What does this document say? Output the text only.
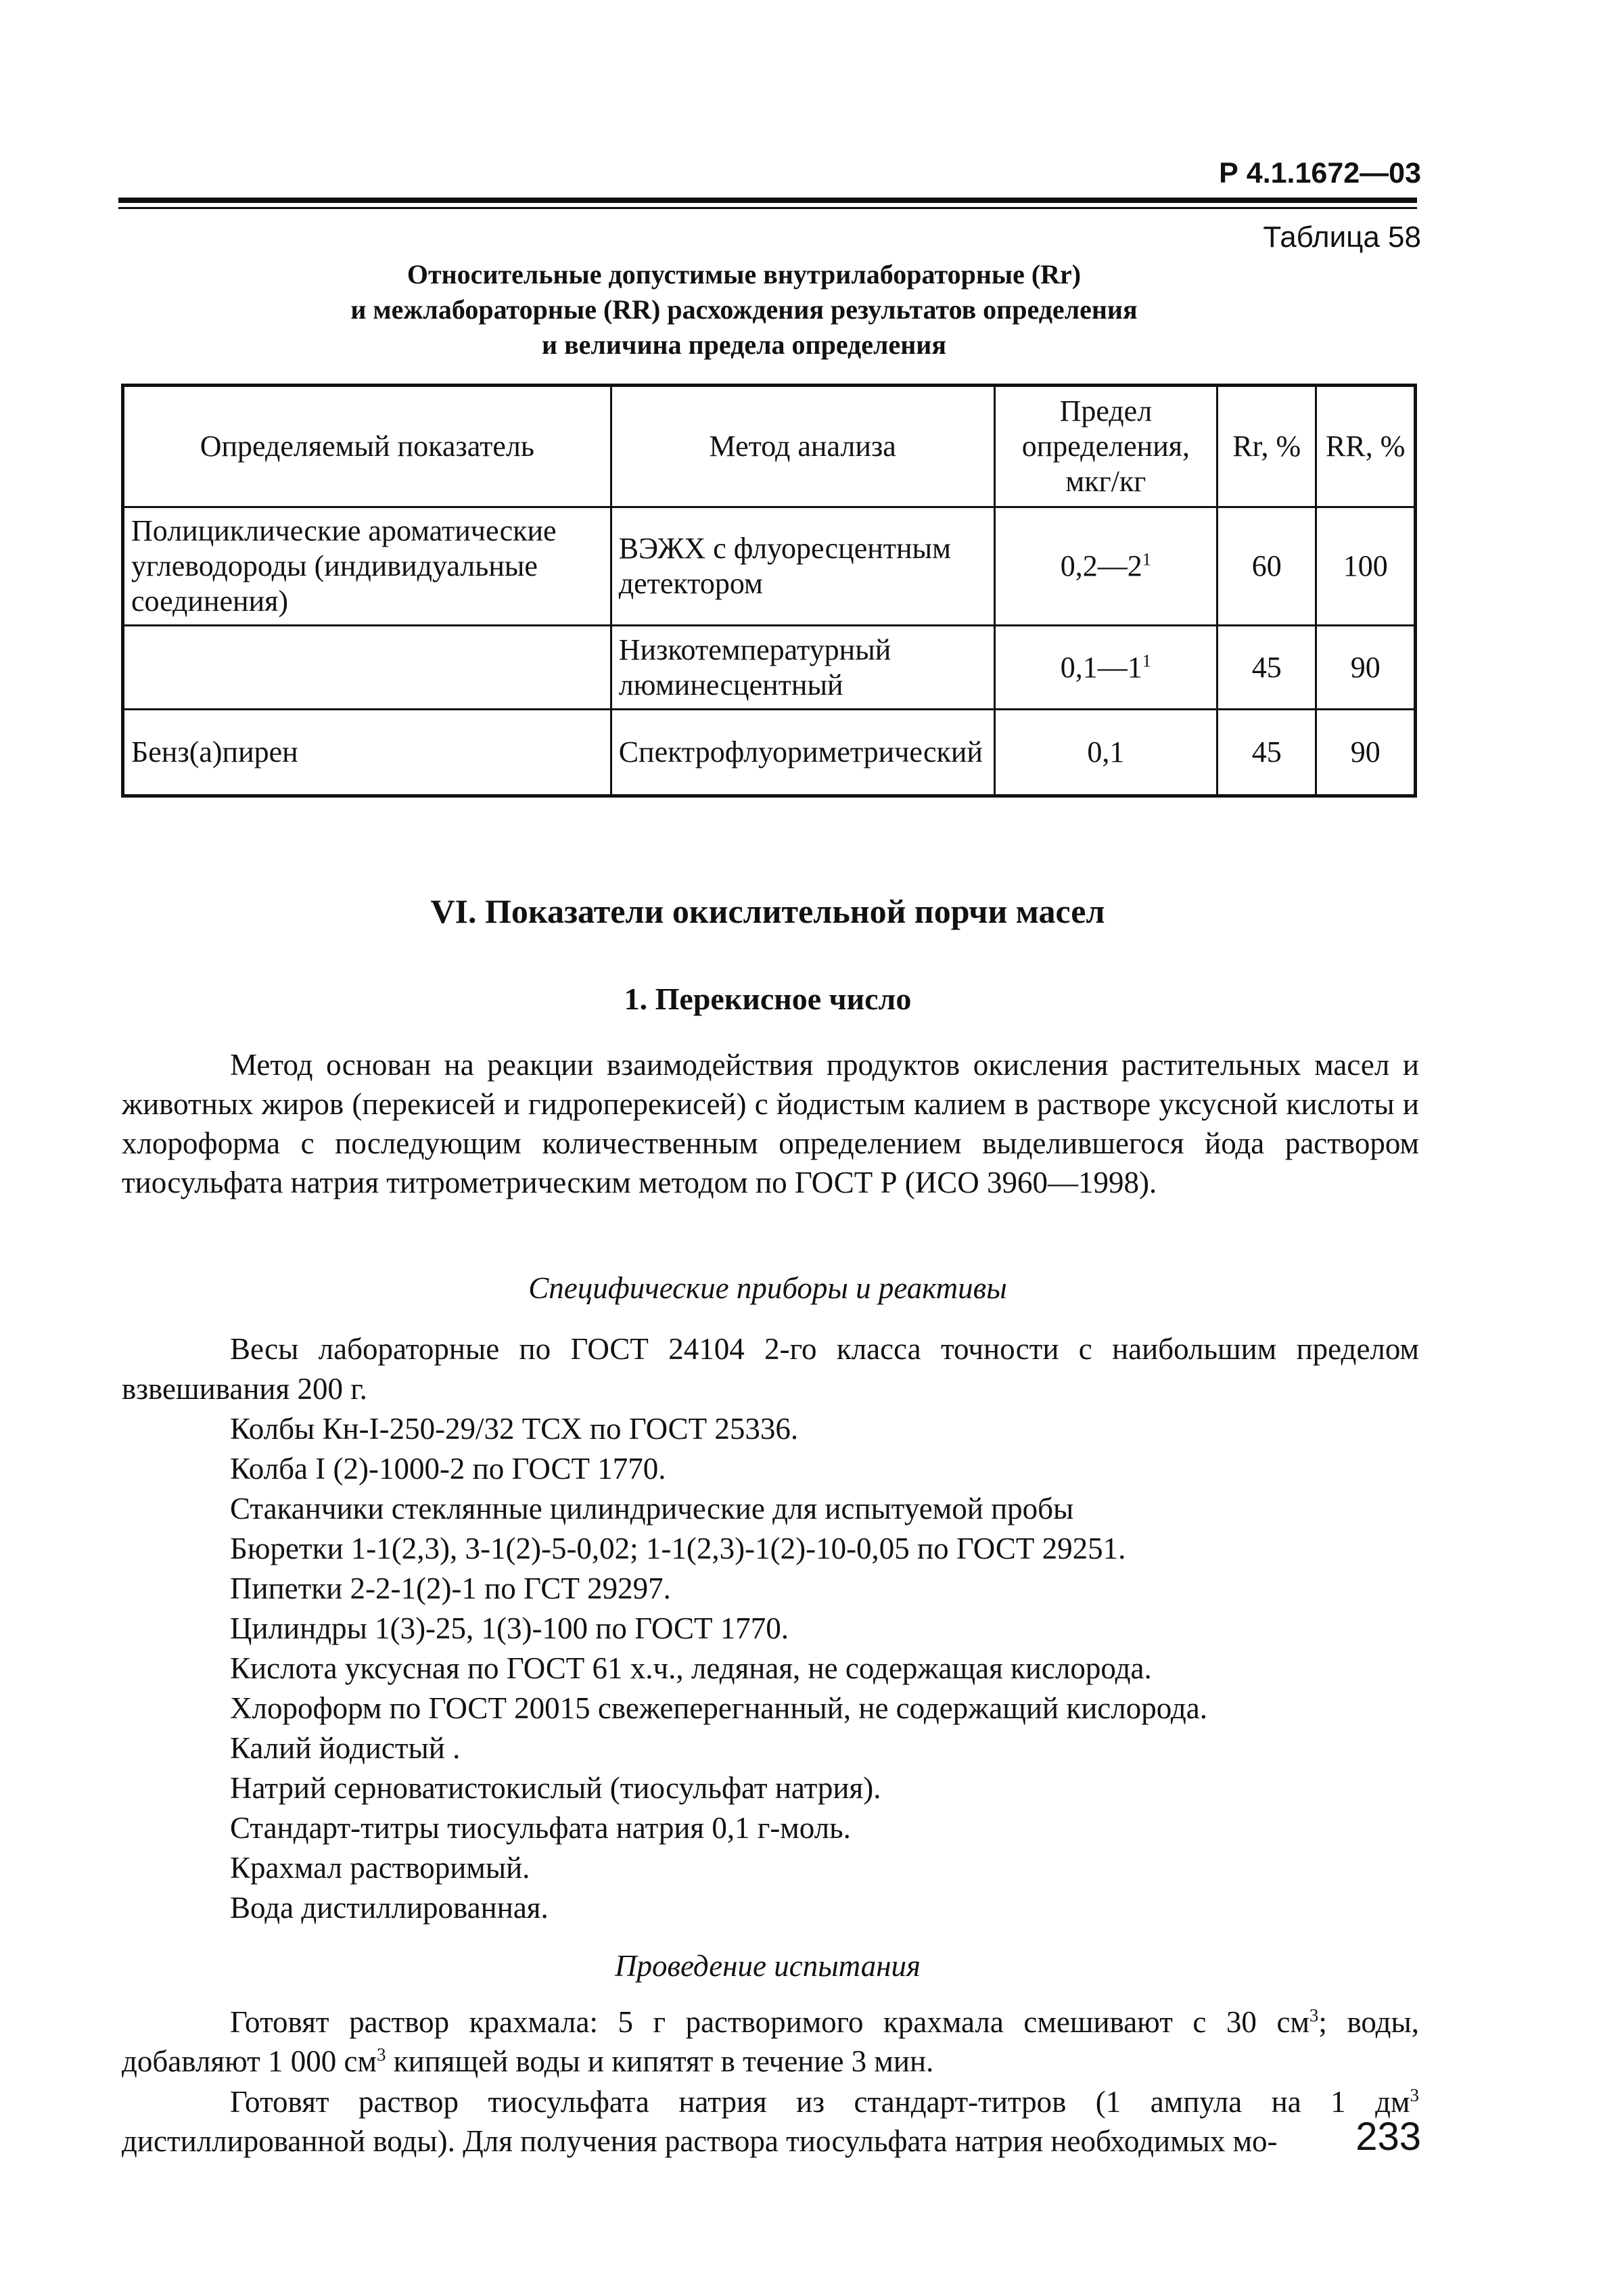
Р 4.1.1672—03
Таблица 58
Относительные допустимые внутрилабораторные (Rr)
и межлабораторные (RR) расхождения результатов определения
и величина предела определения
Определяемый показатель	Метод анализа	Предел определения, мкг/кг	Rr, %	RR, %
Полициклические ароматические углеводороды (индивидуальные соединения)	ВЭЖХ с флуоресцентным детектором	$0,2—2^1$	60	100
	Низкотемпературный люминесцентный	$0,1—1^1$	45	90
Бенз(а)пирен	Спектрофлуориметрический	0,1	45	90
VI. Показатели окислительной порчи масел
1. Перекисное число

Метод основан на реакции взаимодействия продуктов окисления растительных масел и животных жиров (перекисей и гидроперекисей) с йодистым калием в растворе уксусной кислоты и хлороформа с последующим количественным определением выделившегося йода раствором тиосульфата натрия титрометрическим методом по ГОСТ Р (ИСО 3960—1998).

Специфические приборы и реактивы
Весы лабораторные по ГОСТ 24104 2-го класса точности с наибольшим пределом взвешивания 200 г.
Колбы Кн-I-250-29/32 ТСХ по ГОСТ 25336.
Колба I (2)-1000-2 по ГОСТ 1770.
Стаканчики стеклянные цилиндрические для испытуемой пробы
Бюретки 1-1(2,3), 3-1(2)-5-0,02; 1-1(2,3)-1(2)-10-0,05 по ГОСТ 29251.
Пипетки 2-2-1(2)-1 по ГСТ 29297.
Цилиндры 1(3)-25, 1(3)-100 по ГОСТ 1770.
Кислота уксусная по ГОСТ 61 х.ч., ледяная, не содержащая кислорода.
Хлороформ по ГОСТ 20015 свежеперегнанный, не содержащий кислорода.
Калий йодистый .
Натрий серноватистокислый (тиосульфат натрия).
Стандарт-титры тиосульфата натрия 0,1 г-моль.
Крахмал растворимый.
Вода дистиллированная.
Проведение испытания

Готовят раствор крахмала: 5 г растворимого крахмала смешивают с 30 $см^3$; воды, добавляют 1 000 $см^3$ кипящей воды и кипятят в течение 3 мин.

Готовят раствор тиосульфата натрия из стандарт-титров (1 ампула на 1 $дм^3$ дистиллированной воды). Для получения раствора тиосульфата натрия необходимых мо-	233
